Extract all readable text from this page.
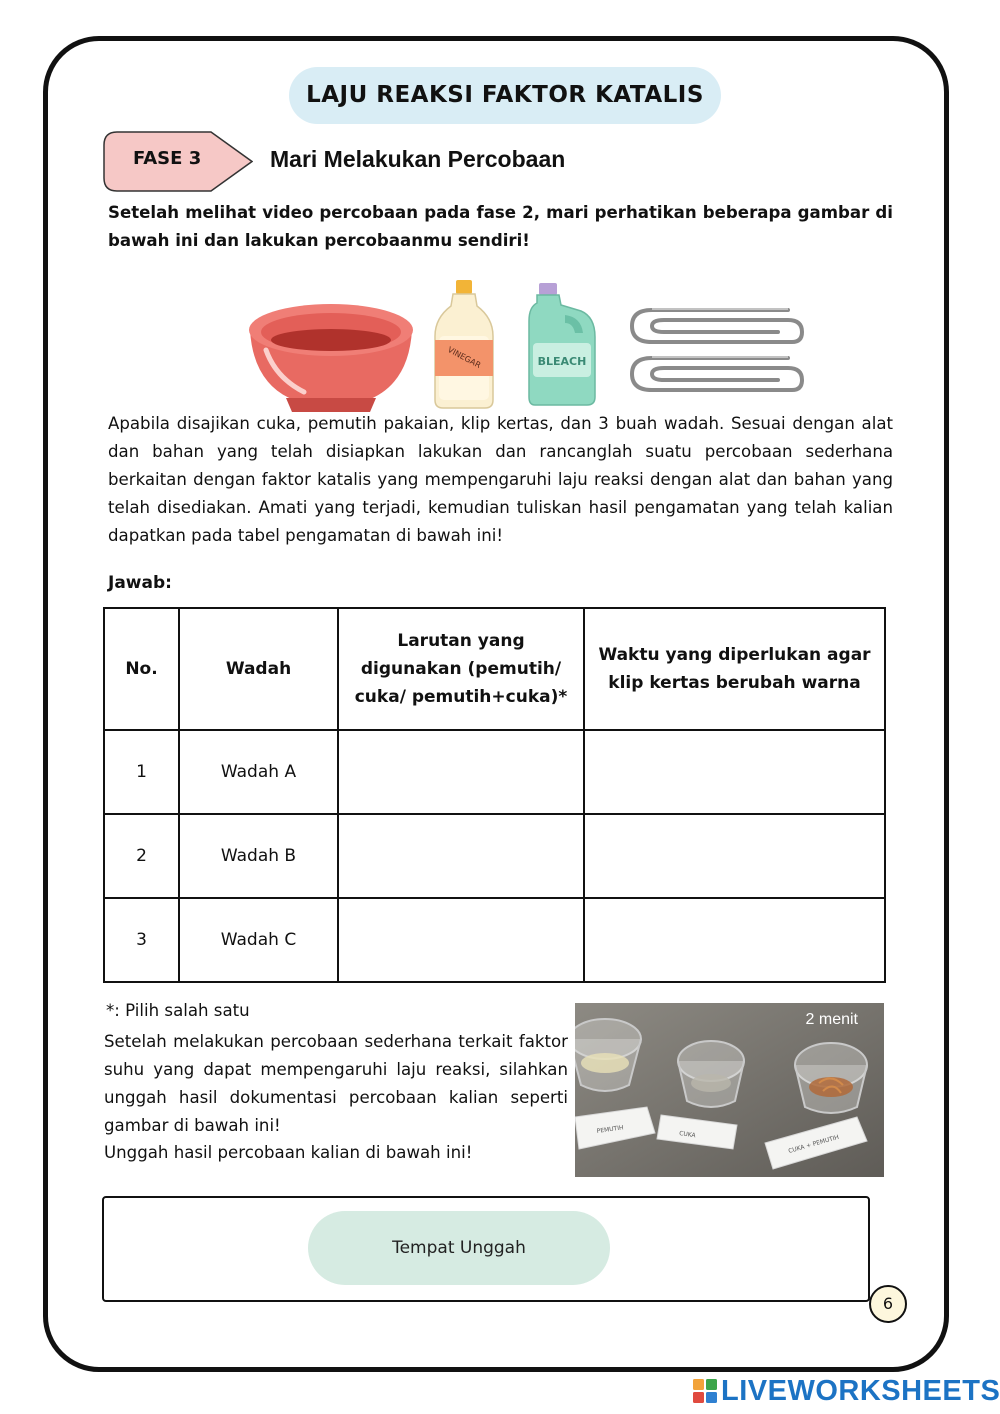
LAJU REAKSI FAKTOR KATALIS
FASE 3	Mari Melakukan Percobaan

Setelah melihat video percobaan pada fase 2, mari perhatikan beberapa gambar di bawah ini dan lakukan percobaanmu sendiri!

VINEGAR	BLEACH

Apabila disajikan cuka, pemutih pakaian, klip kertas, dan 3 buah wadah. Sesuai dengan alat dan bahan yang telah disiapkan lakukan dan rancanglah suatu percobaan sederhana berkaitan dengan faktor katalis yang mempengaruhi laju reaksi dengan alat dan bahan yang telah disediakan. Amati yang terjadi, kemudian tuliskan hasil pengamatan yang telah kalian dapatkan pada tabel pengamatan di bawah ini!

Jawab:
No.	Wadah	Larutan yang digunakan (pemutih/ cuka/ pemutih+cuka)*	Waktu yang diperlukan agar klip kertas berubah warna
1	Wadah A		
2	Wadah B		
3	Wadah C		
*: Pilih salah satu

Setelah melakukan percobaan sederhana terkait faktor suhu yang dapat mempengaruhi laju reaksi, silahkan unggah hasil dokumentasi percobaan kalian seperti gambar di bawah ini!

Unggah hasil percobaan kalian di bawah ini!
PEMUTIH	CUKA	CUKA + PEMUTIH
2 menit
Tempat Unggah
6
LIVEWORKSHEETS
